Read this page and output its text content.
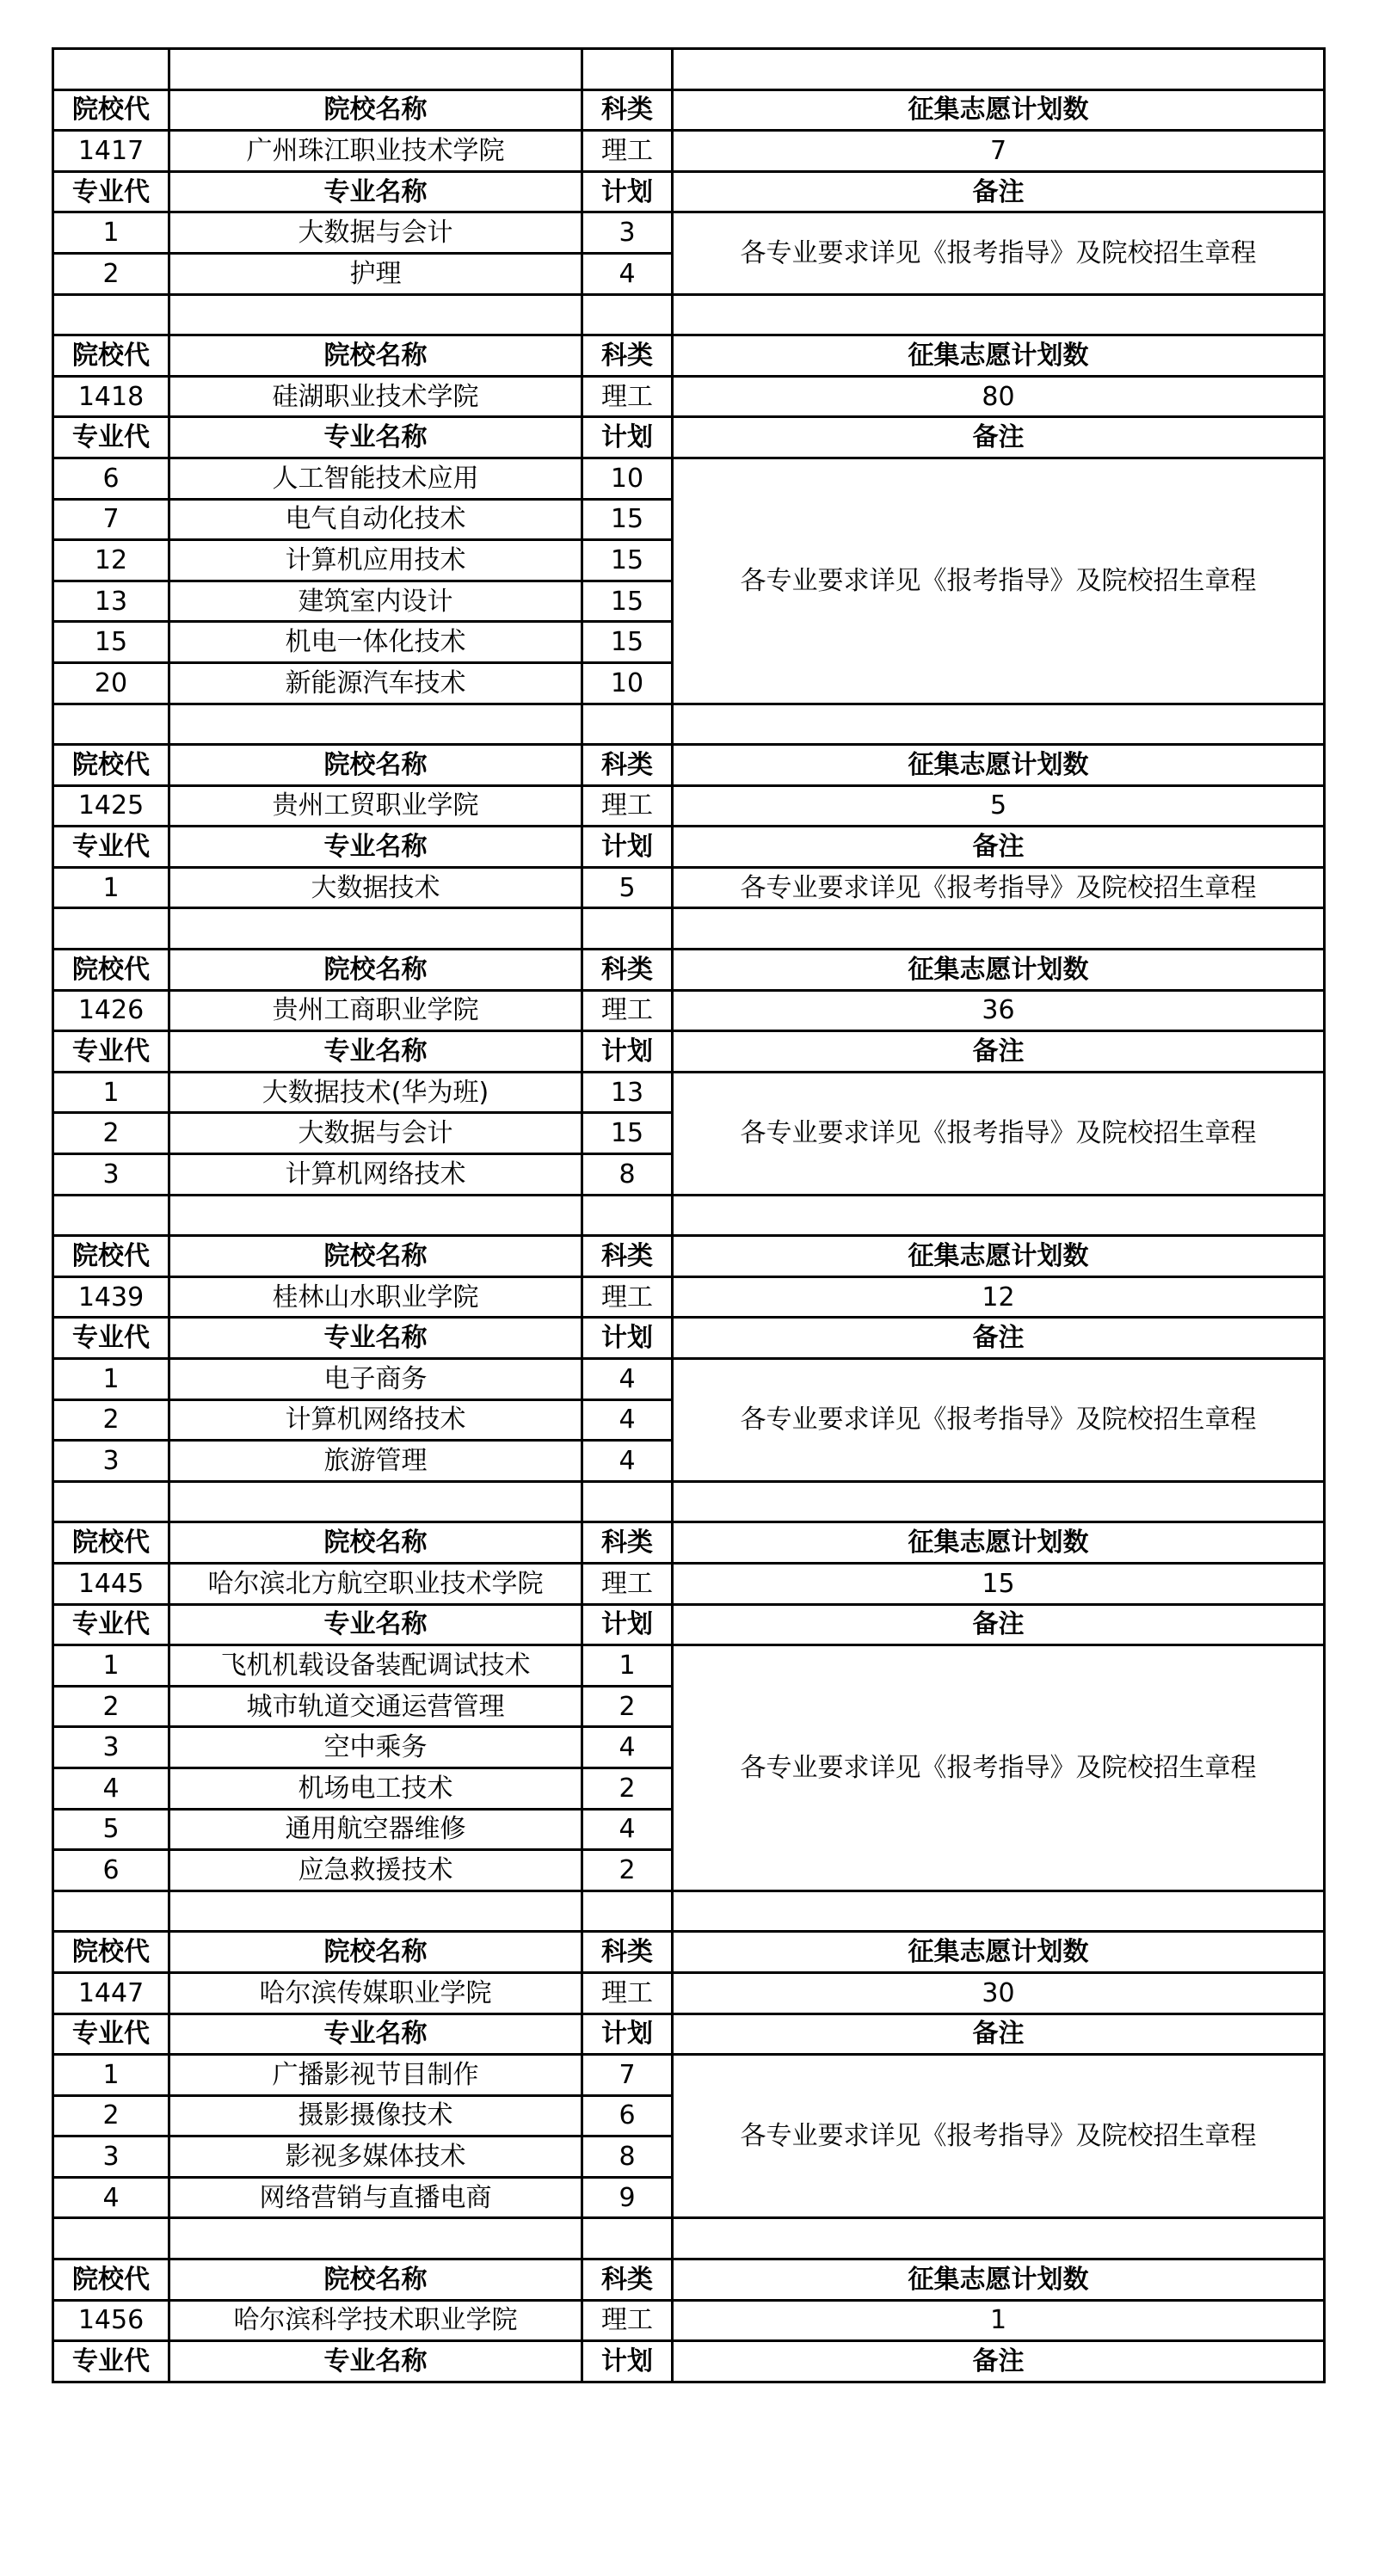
院校代	院校名称	科类	征集志愿计划数
1417	广州珠江职业技术学院	理工	7
专业代	专业名称	计划	备注
1	大数据与会计	3	各专业要求详见《报考指导》及院校招生章程
2	护理	4	

院校代	院校名称	科类	征集志愿计划数
1418	硅湖职业技术学院	理工	80
专业代	专业名称	计划	备注
6	人工智能技术应用	10	各专业要求详见《报考指导》及院校招生章程
7	电气自动化技术	15	
12	计算机应用技术	15	
13	建筑室内设计	15	
15	机电一体化技术	15	
20	新能源汽车技术	10	

院校代	院校名称	科类	征集志愿计划数
1425	贵州工贸职业学院	理工	5
专业代	专业名称	计划	备注
1	大数据技术	5	各专业要求详见《报考指导》及院校招生章程

院校代	院校名称	科类	征集志愿计划数
1426	贵州工商职业学院	理工	36
专业代	专业名称	计划	备注
1	大数据技术(华为班)	13	各专业要求详见《报考指导》及院校招生章程
2	大数据与会计	15	
3	计算机网络技术	8	

院校代	院校名称	科类	征集志愿计划数
1439	桂林山水职业学院	理工	12
专业代	专业名称	计划	备注
1	电子商务	4	各专业要求详见《报考指导》及院校招生章程
2	计算机网络技术	4	
3	旅游管理	4	

院校代	院校名称	科类	征集志愿计划数
1445	哈尔滨北方航空职业技术学院	理工	15
专业代	专业名称	计划	备注
1	飞机机载设备装配调试技术	1	各专业要求详见《报考指导》及院校招生章程
2	城市轨道交通运营管理	2	
3	空中乘务	4	
4	机场电工技术	2	
5	通用航空器维修	4	
6	应急救援技术	2	

院校代	院校名称	科类	征集志愿计划数
1447	哈尔滨传媒职业学院	理工	30
专业代	专业名称	计划	备注
1	广播影视节目制作	7	各专业要求详见《报考指导》及院校招生章程
2	摄影摄像技术	6	
3	影视多媒体技术	8	
4	网络营销与直播电商	9	

院校代	院校名称	科类	征集志愿计划数
1456	哈尔滨科学技术职业学院	理工	1
专业代	专业名称	计划	备注
